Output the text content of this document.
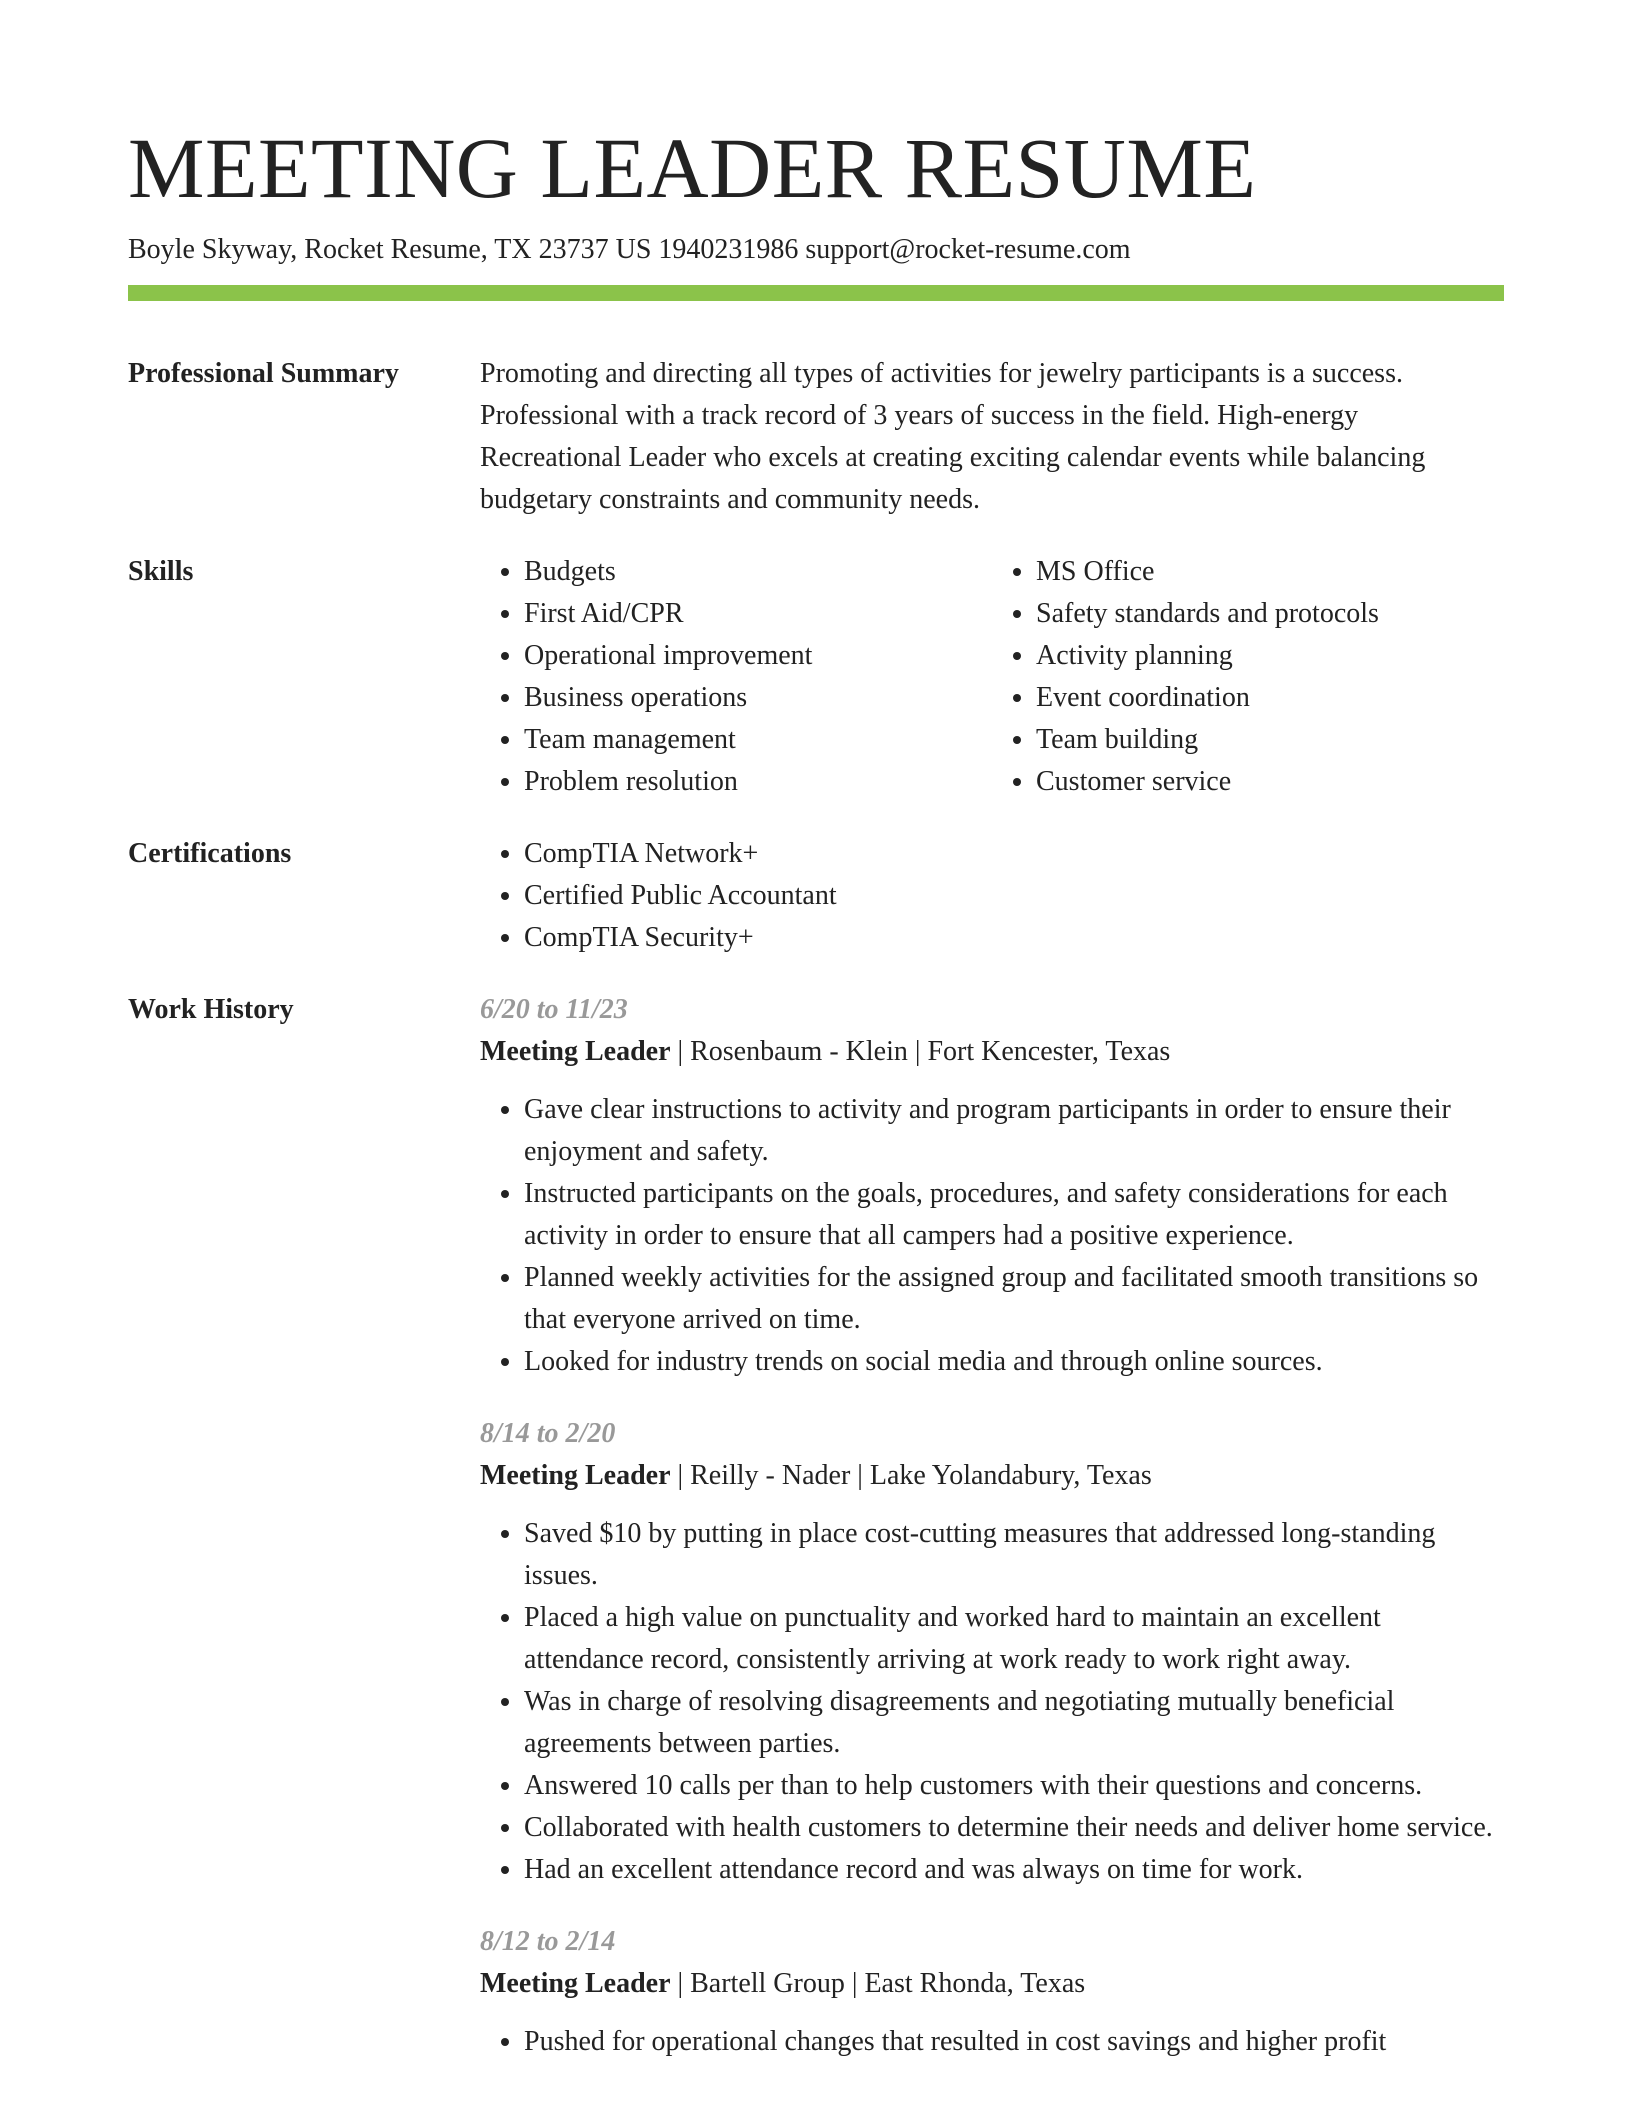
MEETING LEADER RESUME
Boyle Skyway, Rocket Resume, TX 23737 US 1940231986 support@rocket-resume.com
Professional Summary	Promoting and directing all types of activities for jewelry participants is a success. Professional with a track record of 3 years of success in the field. High-energy Recreational Leader who excels at creating exciting calendar events while balancing budgetary constraints and community needs.

Skills	• Budgets
• First Aid/CPR
• Operational improvement
• Business operations
• Team management
• Problem resolution
• MS Office
• Safety standards and protocols
• Activity planning
• Event coordination
• Team building
• Customer service
Certifications	• CompTIA Network+
• Certified Public Accountant
• CompTIA Security+
Work History	6/20 to 11/23
Meeting Leader | Rosenbaum - Klein | Fort Kencester, Texas
• Gave clear instructions to activity and program participants in order to ensure their enjoyment and safety.
• Instructed participants on the goals, procedures, and safety considerations for each activity in order to ensure that all campers had a positive experience.
• Planned weekly activities for the assigned group and facilitated smooth transitions so that everyone arrived on time.
• Looked for industry trends on social media and through online sources.
8/14 to 2/20
Meeting Leader | Reilly - Nader | Lake Yolandabury, Texas
• Saved $10 by putting in place cost-cutting measures that addressed long-standing issues.
• Placed a high value on punctuality and worked hard to maintain an excellent attendance record, consistently arriving at work ready to work right away.
• Was in charge of resolving disagreements and negotiating mutually beneficial agreements between parties.
• Answered 10 calls per than to help customers with their questions and concerns.
• Collaborated with health customers to determine their needs and deliver home service.
• Had an excellent attendance record and was always on time for work.
8/12 to 2/14
Meeting Leader | Bartell Group | East Rhonda, Texas
• Pushed for operational changes that resulted in cost savings and higher profit
